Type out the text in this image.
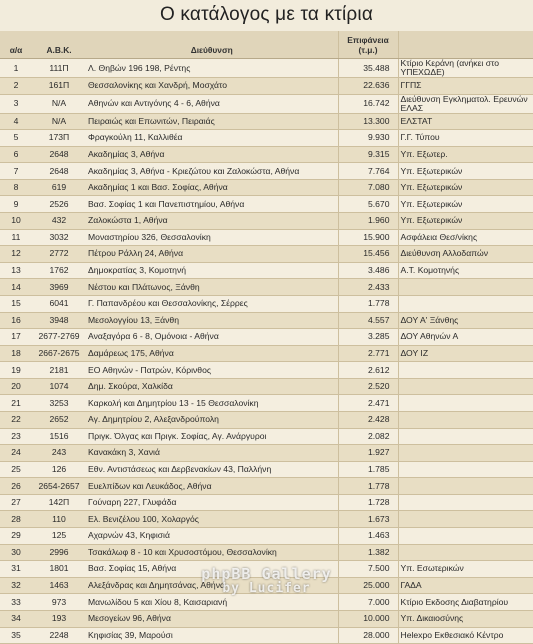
Ο κατάλογος με τα κτίρια
α/α	Α.Β.Κ.	Διεύθυνση	Επιφάνεια
(τ.μ.)	
1	111Π	Λ. Θηβών 196 198, Ρέντης	35.488	Κτίριο Κεράνη (ανήκει στο ΥΠΕΧΩΔΕ)
2	161Π	Θεσσαλονίκης και Χανδρή, Μοσχάτο	22.636	ΓΓΠΣ
3	N/A	Αθηνών και Αντιγόνης 4 - 6, Αθήνα	16.742	Διεύθυνση Εγκληματολ. Ερευνών ΕΛΑΣ
4	N/A	Πειραιώς και Επωνιτών, Πειραιάς	13.300	ΕΛΣΤΑΤ
5	173Π	Φραγκούλη 11, Καλλιθέα	9.930	Γ.Γ. Τύπου
6	2648	Ακαδημίας 3, Αθήνα	9.315	Υπ. Εξωτερ.
7	2648	Ακαδημίας 3, Αθήνα - Κριεζώτου και Ζαλοκώστα, Αθήνα	7.764	Υπ. Εξωτερικών
8	619	Ακαδημίας 1 και Βασ. Σοφίας, Αθήνα	7.080	Υπ. Εξωτερικών
9	2526	Βασ. Σοφίας 1 και Πανεπιστημίου, Αθήνα	5.670	Υπ. Εξωτερικών
10	432	Ζαλοκώστα 1, Αθήνα	1.960	Υπ. Εξωτερικών
11	3032	Μοναστηρίου 326, Θεσσαλονίκη	15.900	Ασφάλεια Θεσ/νίκης
12	2772	Πέτρου Ράλλη 24, Αθήνα	15.456	Διεύθυνση Αλλοδαπών
13	1762	Δημοκρατίας 3, Κομοτηνή	3.486	Α.Τ. Κομοτηνής
14	3969	Νέστου και Πλάτωνος, Ξάνθη	2.433	
15	6041	Γ. Παπανδρέου και Θεσσαλονίκης, Σέρρες	1.778	
16	3948	Μεσολογγίου 13, Ξάνθη	4.557	ΔΟΥ Α' Ξάνθης
17	2677-2769	Αναξαγόρα 6 - 8, Ομόνοια - Αθήνα	3.285	ΔΟΥ Αθηνών Α
18	2667-2675	Δαμάρεως 175, Αθήνα	2.771	ΔΟΥ ΙΖ
19	2181	ΕΟ Αθηνών - Πατρών, Κόρινθος	2.612	
20	1074	Δημ. Σκούρα, Χαλκίδα	2.520	
21	3253	Καρκολή και Δημητρίου 13 - 15 Θεσσαλονίκη	2.471	
22	2652	Αγ. Δημητρίου 2, Αλεξανδρούπολη	2.428	
23	1516	Πριγκ. Όλγας και Πριγκ. Σοφίας, Αγ. Ανάργυροι	2.082	
24	243	Κανακάκη 3, Χανιά	1.927	
25	126	Εθν. Αντιστάσεως και Δερβενακίων 43, Παλλήνη	1.785	
26	2654-2657	Ευελπίδων και Λευκάδος, Αθήνα	1.778	
27	142Π	Γούναρη 227, Γλυφάδα	1.728	
28	110	Ελ. Βενιζέλου 100, Χολαργός	1.673	
29	125	Αχαρνών 43, Κηφισιά	1.463	
30	2996	Τσακάλωφ 8 - 10 και Χρυσοστόμου, Θεσσαλονίκη	1.382	
31	1801	Βασ. Σοφίας 15, Αθήνα	7.500	Υπ. Εσωτερικών
32	1463	Αλεξάνδρας και Δημητσάνας, Αθήνα	25.000	ΓΑΔΑ
33	973	Μανωλίδου 5 και Χίου 8, Καισαριανή	7.000	Κτίριο Εκδοσης Διαβατηρίου
34	193	Μεσογείων 96, Αθήνα	10.000	Υπ. Δικαιοσύνης
35	2248	Κηφισίας 39, Μαρούσι	28.000	Helexpo Εκθεσιακό Κέντρο
phpBB Gallery
by Lucifer
